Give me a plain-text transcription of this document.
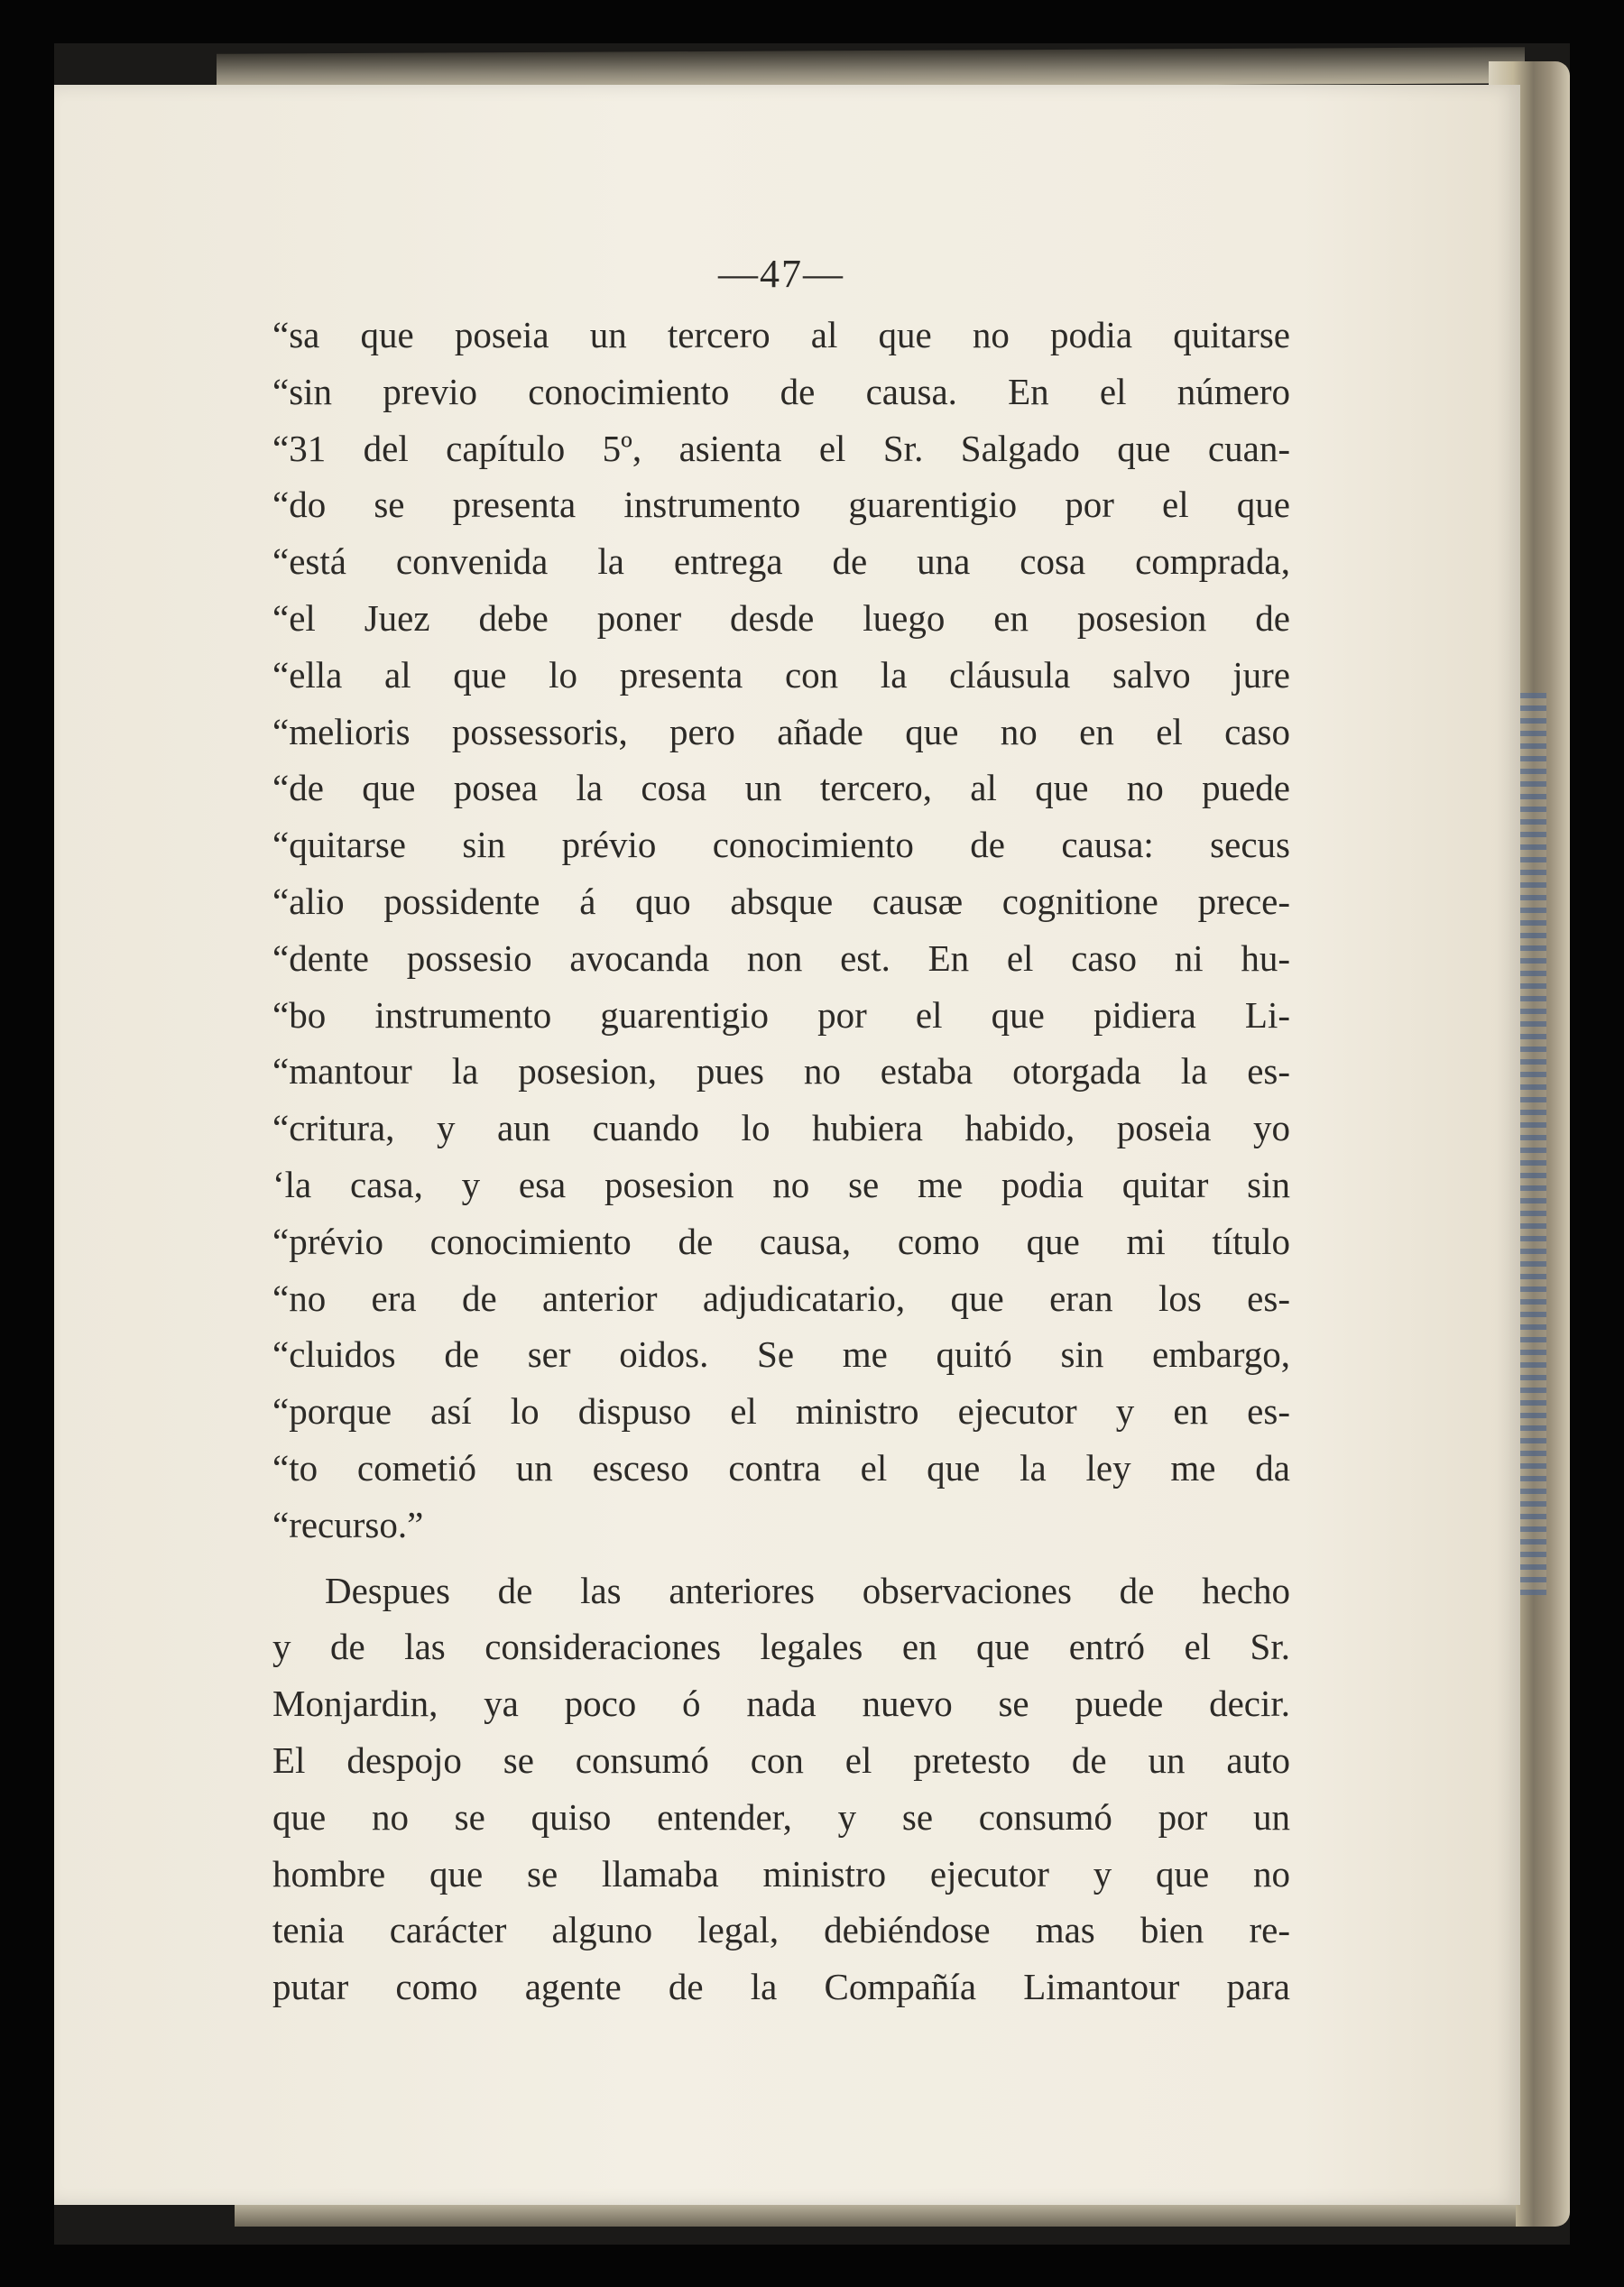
—47—
“sa que poseia un tercero al que no podia quitarse
“sin previo conocimiento de causa. En el número
“31 del capítulo 5º, asienta el Sr. Salgado que cuan-
“do se presenta instrumento guarentigio por el que
“está convenida la entrega de una cosa comprada,
“el Juez debe poner desde luego en posesion de
“ella al que lo presenta con la cláusula salvo jure
“melioris possessoris, pero añade que no en el caso
“de que posea la cosa un tercero, al que no puede
“quitarse sin prévio conocimiento de causa: secus
“alio possidente á quo absque causæ cognitione prece-
“dente possesio avocanda non est. En el caso ni hu-
“bo instrumento guarentigio por el que pidiera Li-
“mantour la posesion, pues no estaba otorgada la es-
“critura, y aun cuando lo hubiera habido, poseia yo
‘la casa, y esa posesion no se me podia quitar sin
“prévio conocimiento de causa, como que mi título
“no era de anterior adjudicatario, que eran los es-
“cluidos de ser oidos. Se me quitó sin embargo,
“porque así lo dispuso el ministro ejecutor y en es-
“to cometió un esceso contra el que la ley me da
“recurso.”
Despues de las anteriores observaciones de hecho
y de las consideraciones legales en que entró el Sr.
Monjardin, ya poco ó nada nuevo se puede decir.
El despojo se consumó con el pretesto de un auto
que no se quiso entender, y se consumó por un
hombre que se llamaba ministro ejecutor y que no
tenia carácter alguno legal, debiéndose mas bien re-
putar como agente de la Compañía Limantour para
